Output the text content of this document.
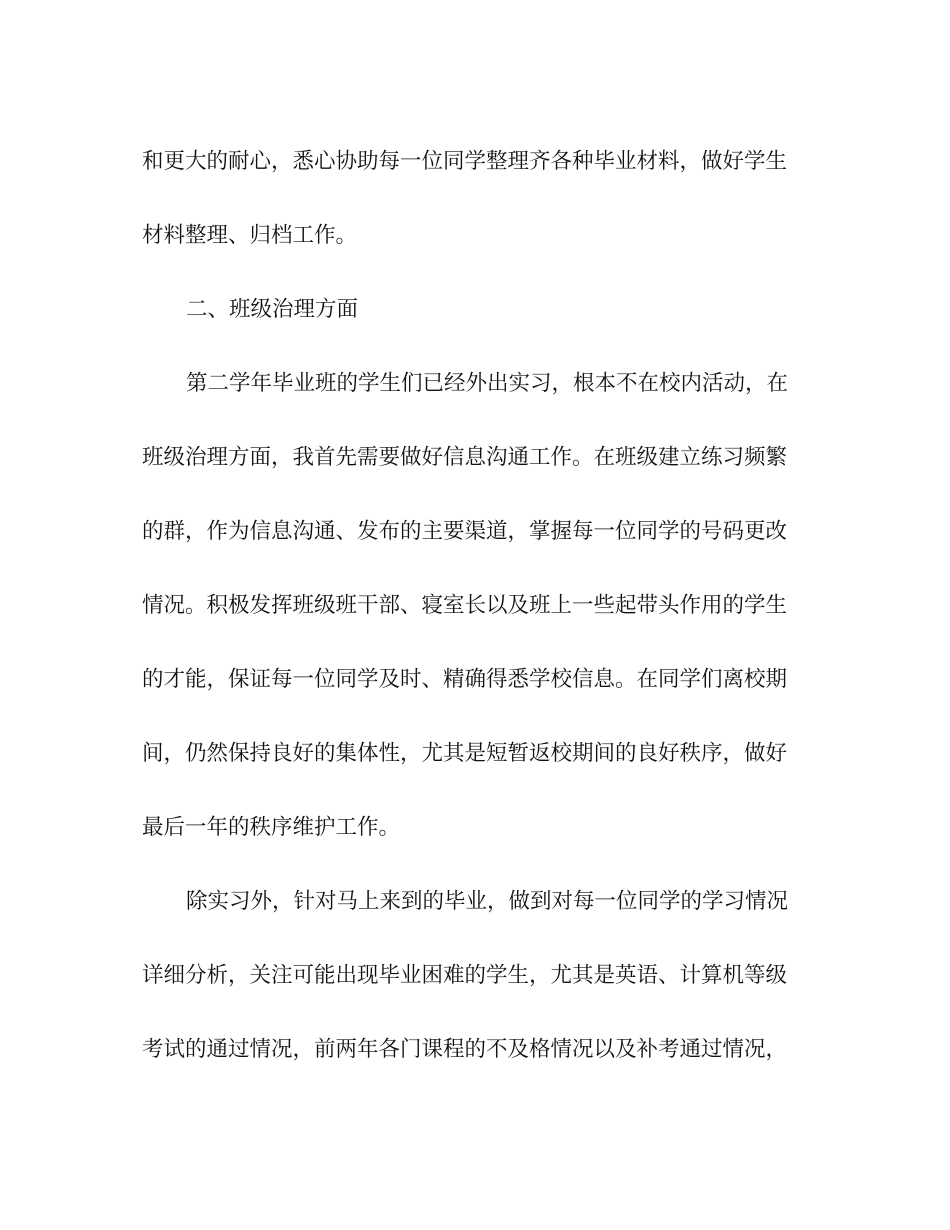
和更大的耐心，悉心协助每一位同学整理齐各种毕业材料，做好学生
材料整理、归档工作。
二、班级治理方面
第二学年毕业班的学生们已经外出实习，根本不在校内活动，在
班级治理方面，我首先需要做好信息沟通工作。在班级建立练习频繁
的群，作为信息沟通、发布的主要渠道，掌握每一位同学的号码更改
情况。积极发挥班级班干部、寝室长以及班上一些起带头作用的学生
的才能，保证每一位同学及时、精确得悉学校信息。在同学们离校期
间，仍然保持良好的集体性，尤其是短暂返校期间的良好秩序，做好
最后一年的秩序维护工作。
除实习外，针对马上来到的毕业，做到对每一位同学的学习情况
详细分析，关注可能出现毕业困难的学生，尤其是英语、计算机等级
考试的通过情况，前两年各门课程的不及格情况以及补考通过情况，
